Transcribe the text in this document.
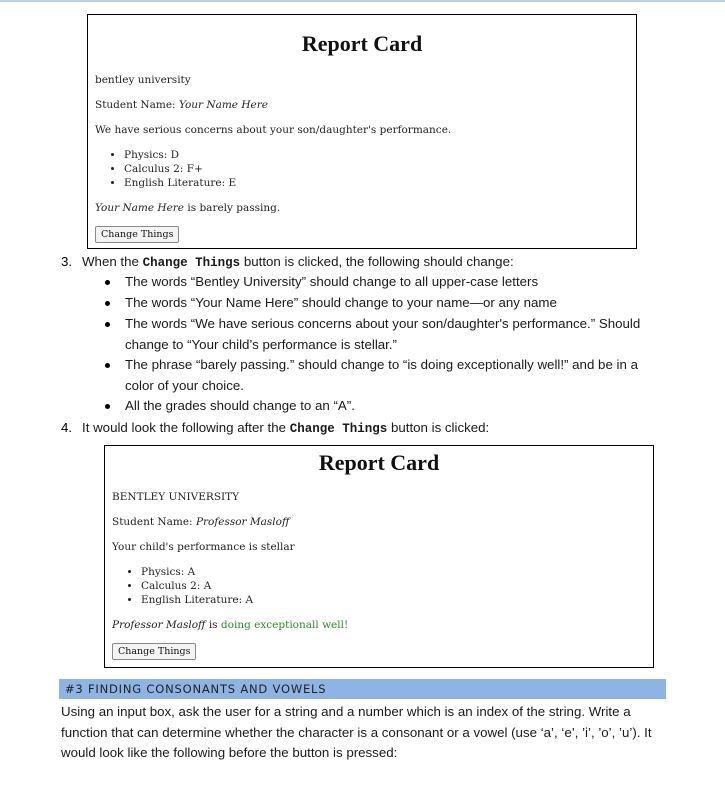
Report Card
bentley university
Student Name: Your Name Here
We have serious concerns about your son/daughter's performance.
• Physics: D
• Calculus 2: F+
• English Literature: E
Your Name Here is barely passing.
Change Things
3. When the Change Things button is clicked, the following should change:
The words “Bentley University” should change to all upper-case letters
The words “Your Name Here” should change to your name—or any name
The words “We have serious concerns about your son/daughter's performance.” Should
change to “Your child’s performance is stellar.”
The phrase “barely passing.” should change to “is doing exceptionally well!” and be in a
color of your choice.
All the grades should change to an “A”.
4. It would look the following after the Change Things button is clicked:
Report Card
BENTLEY UNIVERSITY
Student Name: Professor Masloff
Your child's performance is stellar
• Physics: A
• Calculus 2: A
• English Literature: A
Professor Masloff is doing exceptionall well!
Change Things
#3 FINDING CONSONANTS AND VOWELS
Using an input box, ask the user for a string and a number which is an index of the string. Write a
function that can determine whether the character is a consonant or a vowel (use ‘a’, ‘e’, ’i’, ’o’, ’u’). It
would look like the following before the button is pressed:
